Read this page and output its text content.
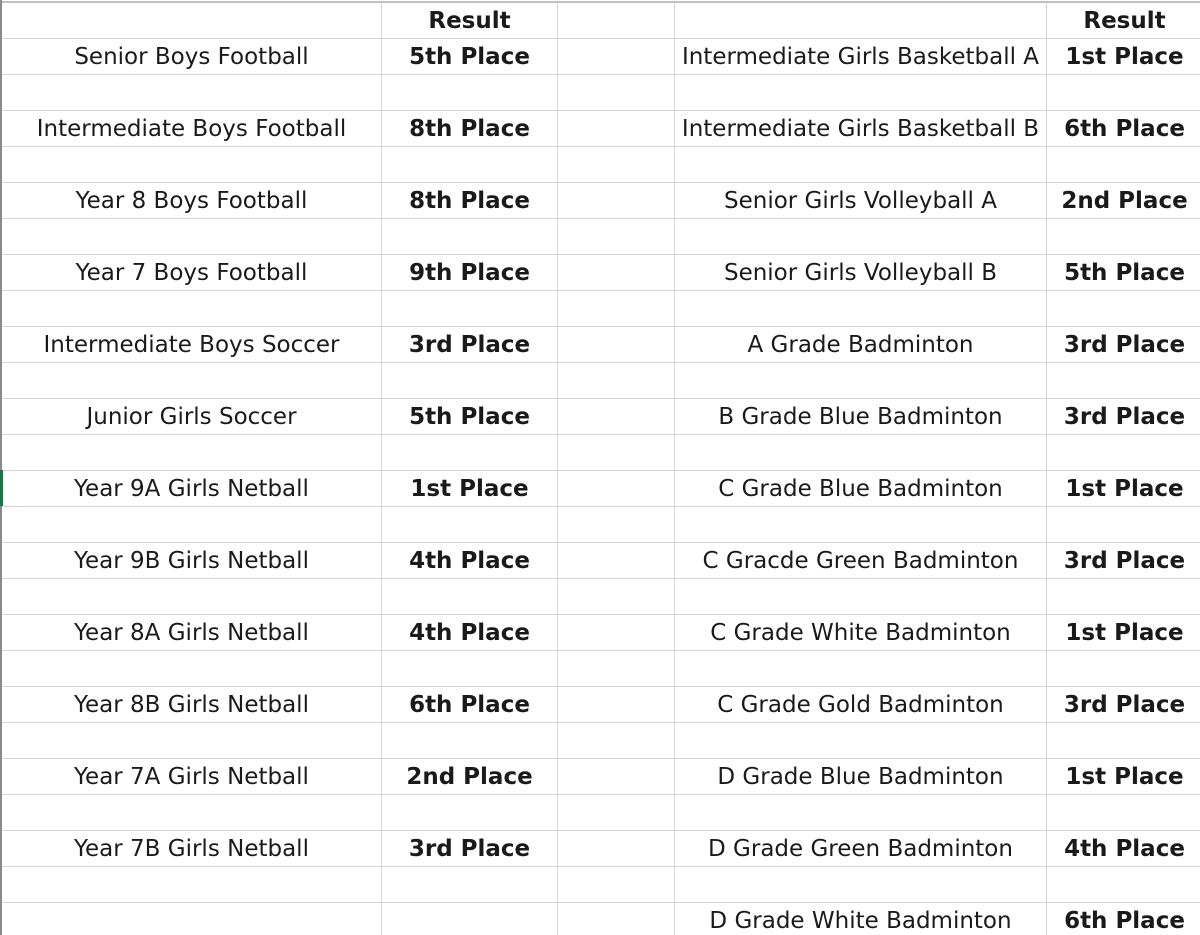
	Result			Result
Senior Boys Football	5th Place		Intermediate Girls Basketball A	1st Place

Intermediate Boys Football	8th Place		Intermediate Girls Basketball B	6th Place

Year 8 Boys Football	8th Place		Senior Girls Volleyball A	2nd Place

Year 7 Boys Football	9th Place		Senior Girls Volleyball B	5th Place

Intermediate Boys Soccer	3rd Place		A Grade Badminton	3rd Place

Junior Girls Soccer	5th Place		B Grade Blue Badminton	3rd Place

Year 9A Girls Netball	1st Place		C Grade Blue Badminton	1st Place

Year 9B Girls Netball	4th Place		C Gracde Green Badminton	3rd Place

Year 8A Girls Netball	4th Place		C Grade White Badminton	1st Place

Year 8B Girls Netball	6th Place		C Grade Gold Badminton	3rd Place

Year 7A Girls Netball	2nd Place		D Grade Blue Badminton	1st Place

Year 7B Girls Netball	3rd Place		D Grade Green Badminton	4th Place

			D Grade White Badminton	6th Place
